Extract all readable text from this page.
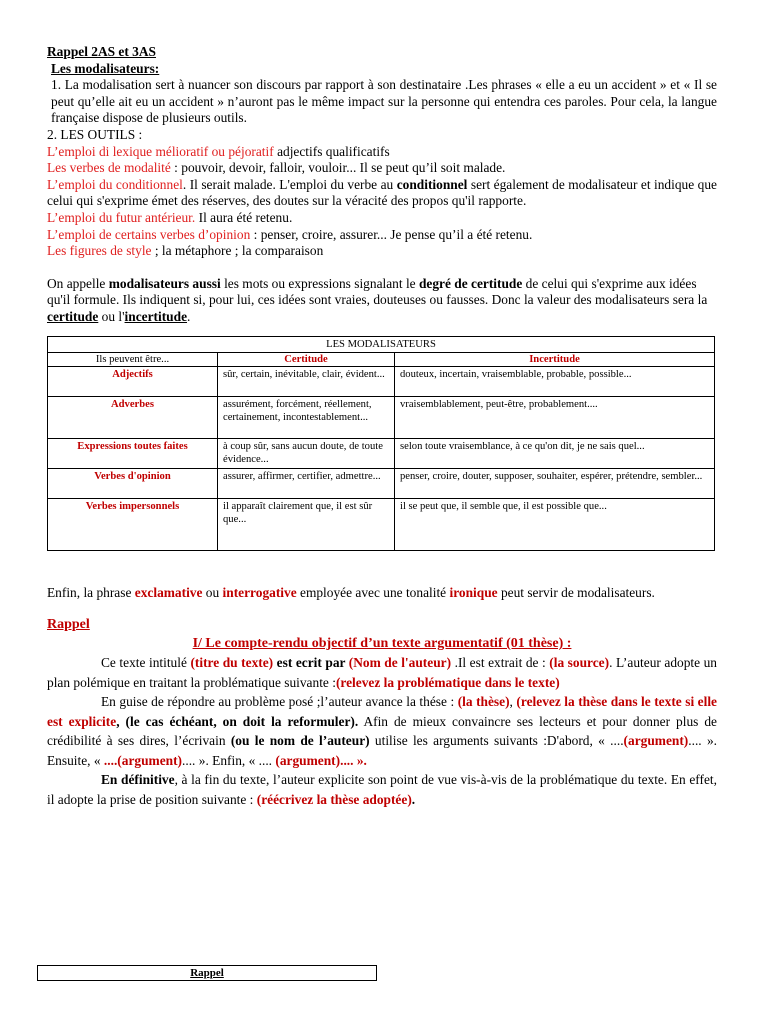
Rappel 2AS et 3AS

Les modalisateurs:

1. La modalisation sert à nuancer son discours par rapport à son destinataire .Les phrases « elle a eu un accident » et « Il se peut qu’elle ait eu un accident » n’auront pas le même impact sur la personne qui entendra ces paroles. Pour cela, la langue française dispose de plusieurs outils.

2. LES OUTILS :

L’emploi di lexique mélioratif ou péjoratif adjectifs qualificatifs

Les verbes de modalité : pouvoir, devoir, falloir, vouloir... Il se peut qu’il soit malade.

L’emploi du conditionnel. Il serait malade. L'emploi du verbe au conditionnel sert également de modalisateur et indique que celui qui s'exprime émet des réserves, des doutes sur la véracité des propos qu'il rapporte.

L’emploi du futur antérieur. Il aura été retenu.

L’emploi de certains verbes d’opinion : penser, croire, assurer... Je pense qu’il a été retenu.

Les figures de style ; la métaphore ; la comparaison

On appelle modalisateurs aussi les mots ou expressions signalant le degré de certitude de celui qui s'exprime aux idées qu'il formule. Ils indiquent si, pour lui, ces idées sont vraies, douteuses ou fausses. Donc la valeur des modalisateurs sera la certitude ou l'incertitude.

LES MODALISATEURS		
Ils peuvent être...	Certitude	Incertitude
Adjectifs	sûr, certain, inévitable, clair, évident...	douteux, incertain, vraisemblable, probable, possible...
Adverbes	assurément, forcément, réellement, certainement, incontestablement...	vraisemblablement, peut-être, probablement....
Expressions toutes faites	à coup sûr, sans aucun doute, de toute évidence...	selon toute vraisemblance, à ce qu'on dit, je ne sais quel...
Verbes d'opinion	assurer, affirmer, certifier, admettre...	penser, croire, douter, supposer, souhaiter, espérer, prétendre, sembler...
Verbes impersonnels	il apparaît clairement que, il est sûr que...	il se peut que, il semble que, il est possible que...

Enfin, la phrase exclamative ou interrogative employée avec une tonalité ironique peut servir de modalisateurs.

Rappel

I/ Le compte-rendu objectif d’un texte argumentatif (01 thèse) :

Ce texte intitulé (titre du texte) est ecrit par (Nom de l'auteur) .Il est extrait de : (la source). L’auteur adopte un plan polémique en traitant la problématique suivante :(relevez la problématique dans le texte)

En guise de répondre au problème posé ;l’auteur avance la thése : (la thèse), (relevez la thèse dans le texte si elle est explicite, (le cas échéant, on doit la reformuler). Afin de mieux convaincre ses lecteurs et pour donner plus de crédibilité à ses dires, l’écrivain (ou le nom de l’auteur) utilise les arguments suivants :D'abord, « ....(argument).... ». Ensuite, « ....(argument).... ». Enfin, « .... (argument).... ».

En définitive, à la fin du texte, l’auteur explicite son point de vue vis-à-vis de la problématique du texte. En effet, il adopte la prise de position suivante : (réécrivez la thèse adoptée).

Rappel
